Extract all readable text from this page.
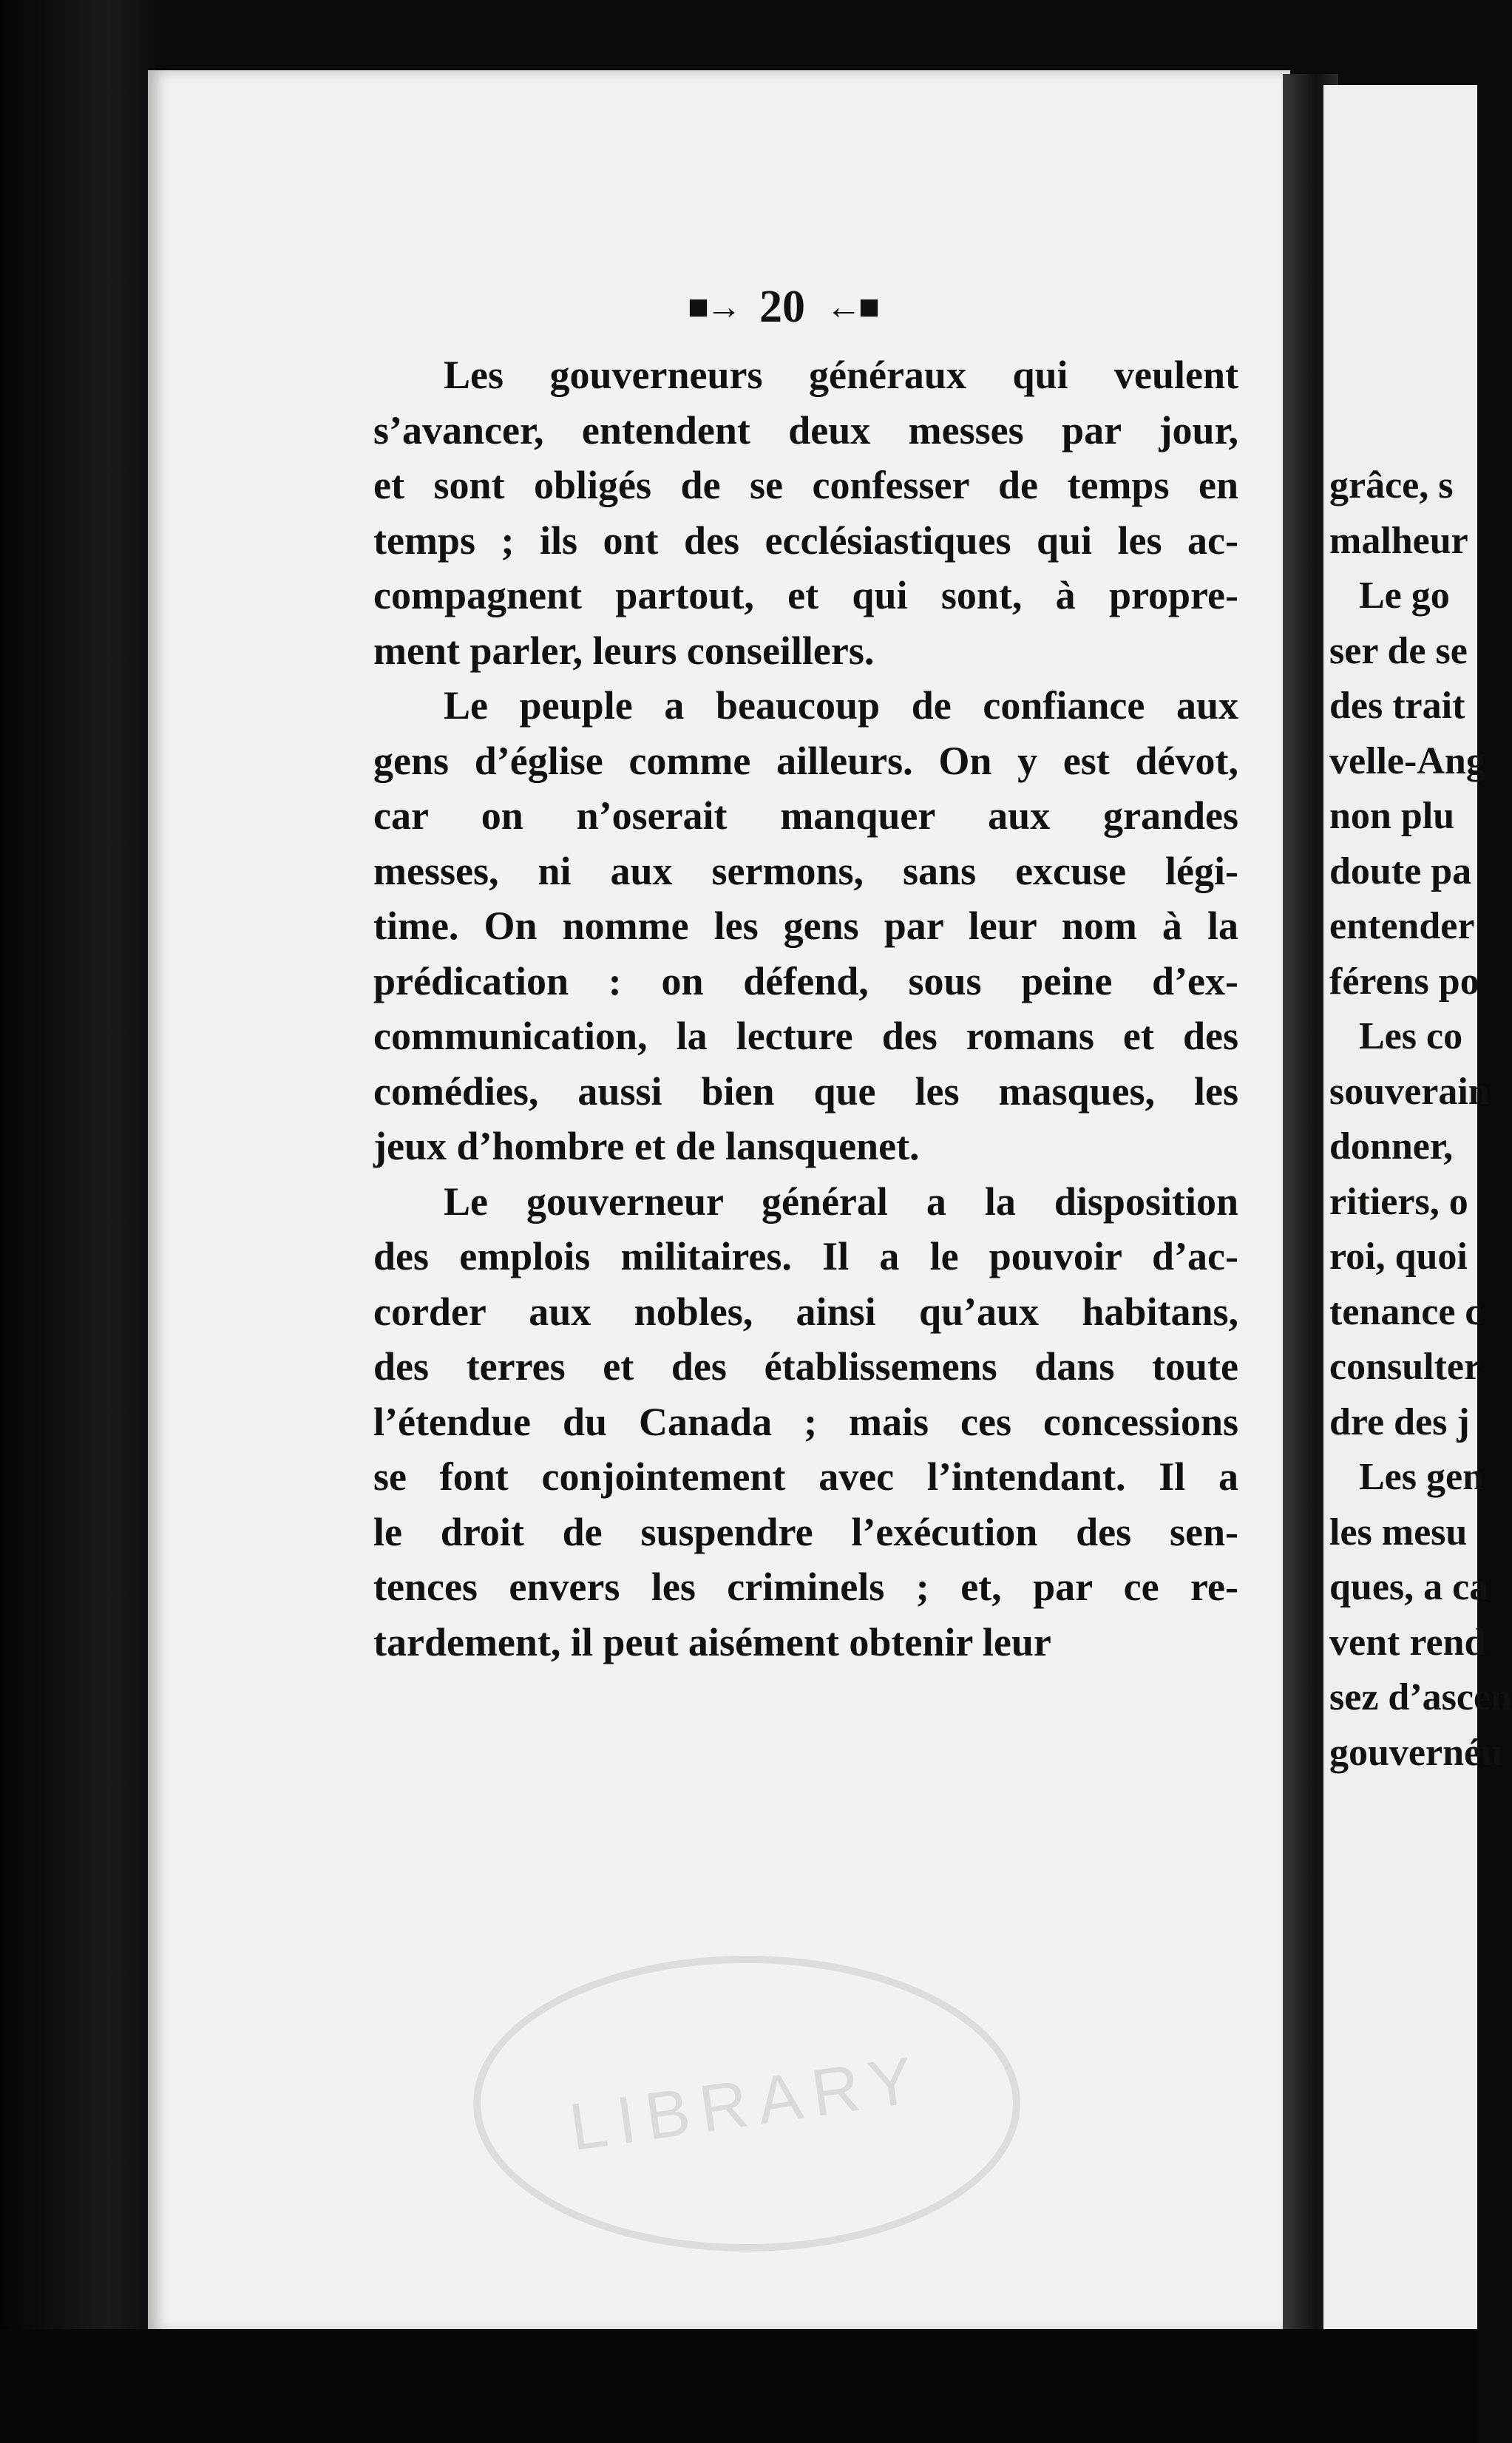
LIBRARY
grâce, s
malheur
Le go
ser de se
des trait
velle-Ang
non plu
doute pa
entender
férens po
Les co
souverain
donner,
ritiers, o
roi, quoi
tenance c
consulter
dre des j
Les gen
les mesu
ques, a ca
vent rend
sez d’ascen
gouvernéu
■→ 20 ←■
Les gouverneurs généraux qui veulent
s’avancer, entendent deux messes par jour,
et sont obligés de se confesser de temps en
temps ; ils ont des ecclésiastiques qui les ac-
compagnent partout, et qui sont, à propre-
ment parler, leurs conseillers.
Le peuple a beaucoup de confiance aux
gens d’église comme ailleurs. On y est dévot,
car on n’oserait manquer aux grandes
messes, ni aux sermons, sans excuse légi-
time. On nomme les gens par leur nom à la
prédication : on défend, sous peine d’ex-
communication, la lecture des romans et des
comédies, aussi bien que les masques, les
jeux d’hombre et de lansquenet.
Le gouverneur général a la disposition
des emplois militaires. Il a le pouvoir d’ac-
corder aux nobles, ainsi qu’aux habitans,
des terres et des établissemens dans toute
l’étendue du Canada ; mais ces concessions
se font conjointement avec l’intendant. Il a
le droit de suspendre l’exécution des sen-
tences envers les criminels ; et, par ce re-
tardement, il peut aisément obtenir leur
